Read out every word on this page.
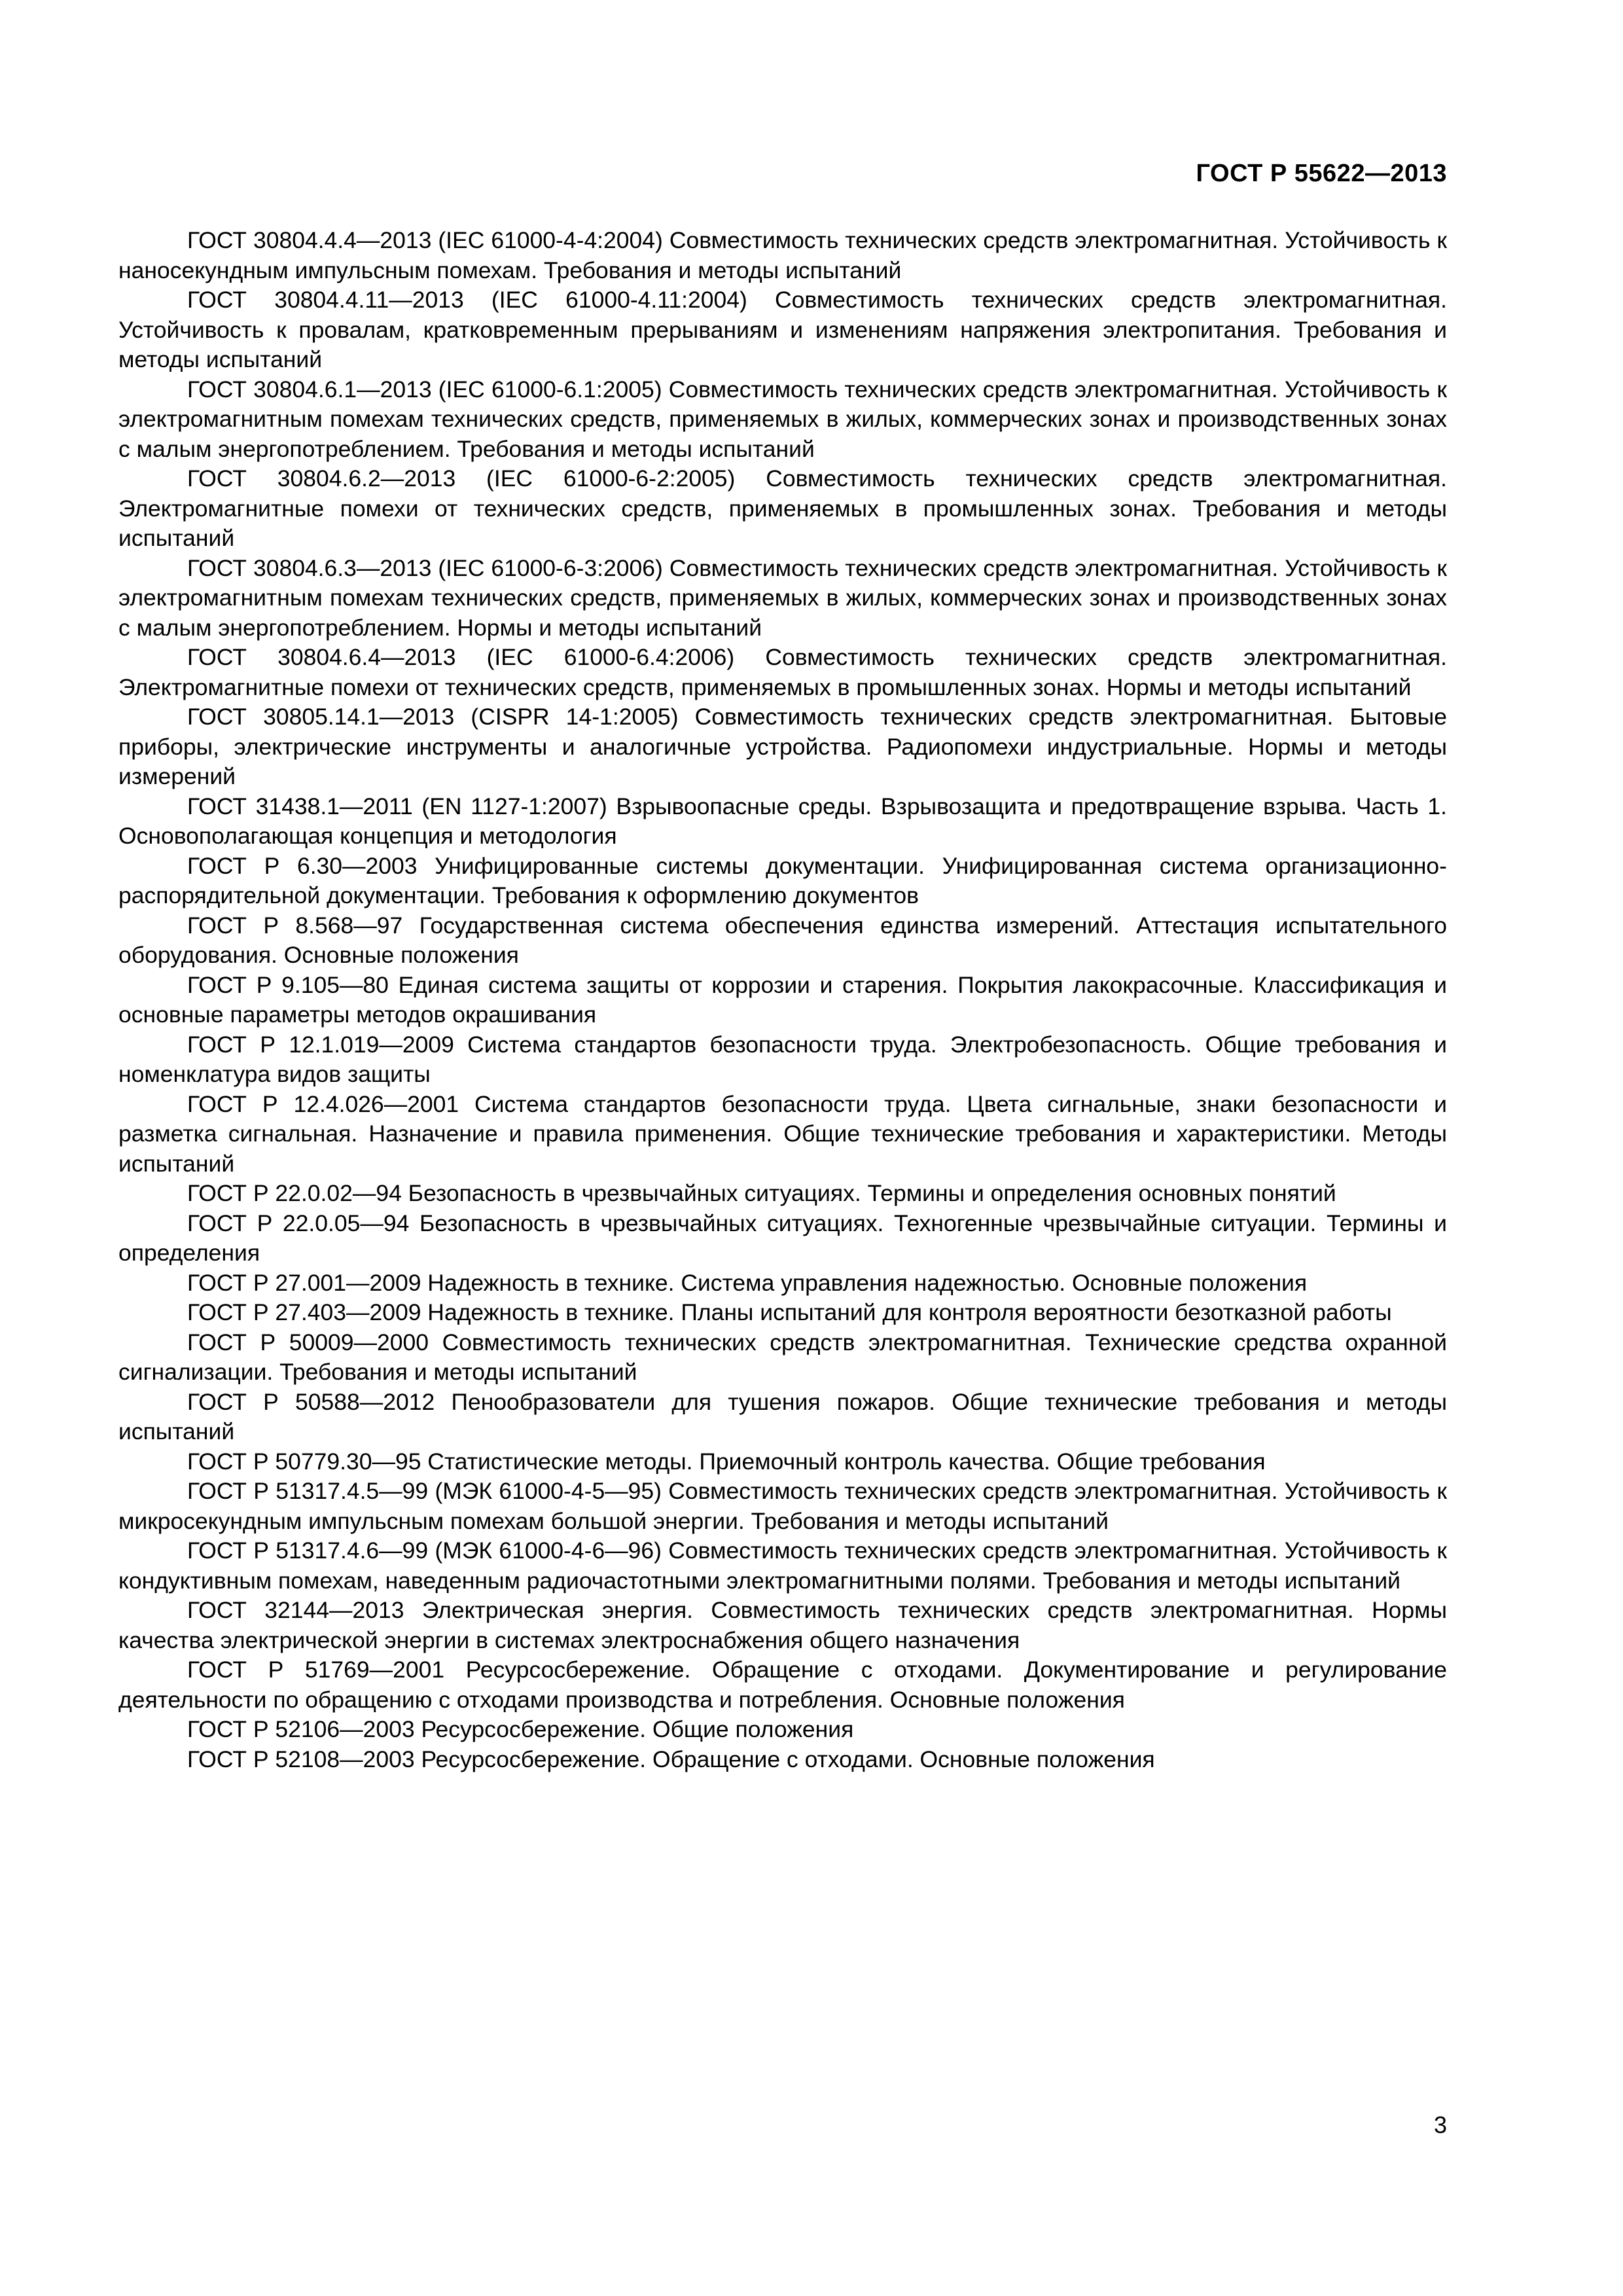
ГОСТ Р 55622—2013

ГОСТ 30804.4.4—2013 (IEC 61000-4-4:2004) Совместимость технических средств электромагнитная. Устойчивость к наносекундным импульсным помехам. Требования и методы испытаний

ГОСТ 30804.4.11—2013 (IEC 61000-4.11:2004) Совместимость технических средств электромагнитная. Устойчивость к провалам, кратковременным прерываниям и изменениям напряжения электропитания. Требования и методы испытаний

ГОСТ 30804.6.1—2013 (IEC 61000-6.1:2005) Совместимость технических средств электромагнитная. Устойчивость к электромагнитным помехам технических средств, применяемых в жилых, коммерческих зонах и производственных зонах с малым энергопотреблением. Требования и методы испытаний

ГОСТ 30804.6.2—2013 (IEC 61000-6-2:2005) Совместимость технических средств электромагнитная. Электромагнитные помехи от технических средств, применяемых в промышленных зонах. Требования и методы испытаний

ГОСТ 30804.6.3—2013 (IEC 61000-6-3:2006) Совместимость технических средств электромагнитная. Устойчивость к электромагнитным помехам технических средств, применяемых в жилых, коммерческих зонах и производственных зонах с малым энергопотреблением. Нормы и методы испытаний

ГОСТ 30804.6.4—2013 (IEC 61000-6.4:2006) Совместимость технических средств электромагнитная. Электромагнитные помехи от технических средств, применяемых в промышленных зонах. Нормы и методы испытаний

ГОСТ 30805.14.1—2013 (CISPR 14-1:2005) Совместимость технических средств электромагнитная. Бытовые приборы, электрические инструменты и аналогичные устройства. Радиопомехи индустриальные. Нормы и методы измерений

ГОСТ 31438.1—2011 (EN 1127-1:2007) Взрывоопасные среды. Взрывозащита и предотвращение взрыва. Часть 1. Основополагающая концепция и методология

ГОСТ Р 6.30—2003 Унифицированные системы документации. Унифицированная система организационно-распорядительной документации. Требования к оформлению документов

ГОСТ Р 8.568—97 Государственная система обеспечения единства измерений. Аттестация испытательного оборудования. Основные положения

ГОСТ Р 9.105—80 Единая система защиты от коррозии и старения. Покрытия лакокрасочные. Классификация и основные параметры методов окрашивания

ГОСТ Р 12.1.019—2009 Система стандартов безопасности труда. Электробезопасность. Общие требования и номенклатура видов защиты

ГОСТ Р 12.4.026—2001 Система стандартов безопасности труда. Цвета сигнальные, знаки безопасности и разметка сигнальная. Назначение и правила применения. Общие технические требования и характеристики. Методы испытаний

ГОСТ Р 22.0.02—94 Безопасность в чрезвычайных ситуациях. Термины и определения основных понятий

ГОСТ Р 22.0.05—94 Безопасность в чрезвычайных ситуациях. Техногенные чрезвычайные ситуации. Термины и определения

ГОСТ Р 27.001—2009 Надежность в технике. Система управления надежностью. Основные положения

ГОСТ Р 27.403—2009 Надежность в технике. Планы испытаний для контроля вероятности безотказной работы

ГОСТ Р 50009—2000 Совместимость технических средств электромагнитная. Технические средства охранной сигнализации. Требования и методы испытаний

ГОСТ Р 50588—2012 Пенообразователи для тушения пожаров. Общие технические требования и методы испытаний

ГОСТ Р 50779.30—95 Статистические методы. Приемочный контроль качества. Общие требования

ГОСТ Р 51317.4.5—99 (МЭК 61000-4-5—95) Совместимость технических средств электромагнитная. Устойчивость к микросекундным импульсным помехам большой энергии. Требования и методы испытаний

ГОСТ Р 51317.4.6—99 (МЭК 61000-4-6—96) Совместимость технических средств электромагнитная. Устойчивость к кондуктивным помехам, наведенным радиочастотными электромагнитными полями. Требования и методы испытаний

ГОСТ 32144—2013 Электрическая энергия. Совместимость технических средств электромагнитная. Нормы качества электрической энергии в системах электроснабжения общего назначения

ГОСТ Р 51769—2001 Ресурсосбережение. Обращение с отходами. Документирование и регулирование деятельности по обращению с отходами производства и потребления. Основные положения

ГОСТ Р 52106—2003 Ресурсосбережение. Общие положения

ГОСТ Р 52108—2003 Ресурсосбережение. Обращение с отходами. Основные положения

3
